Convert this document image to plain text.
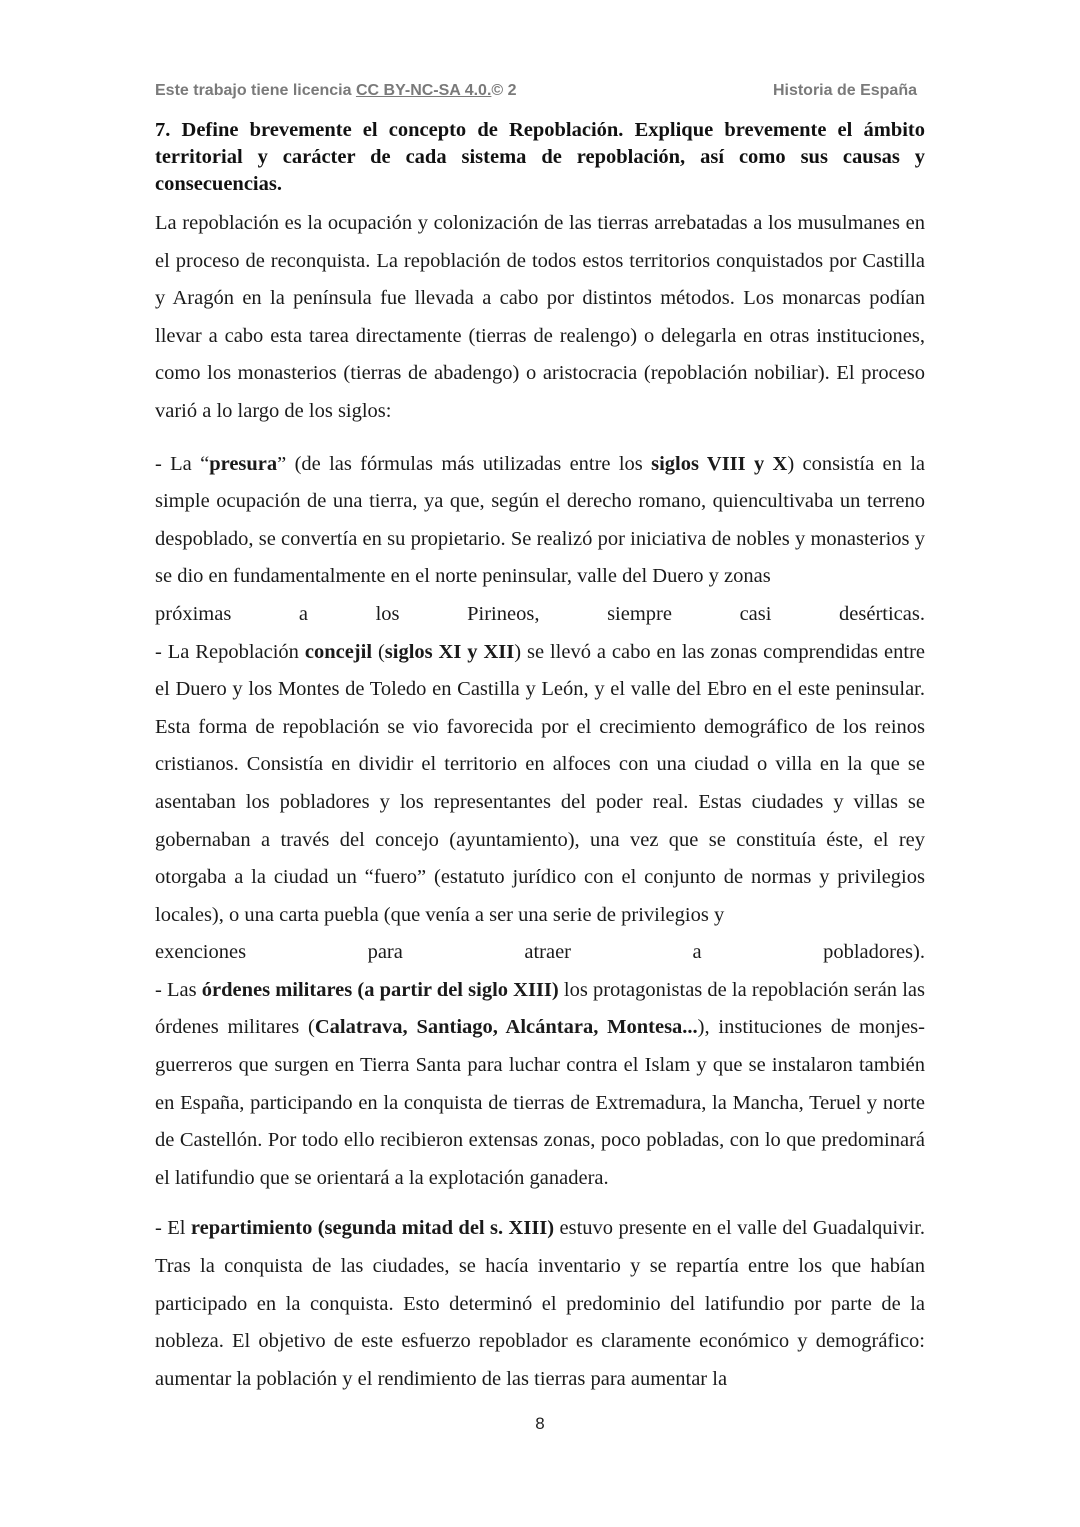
Este trabajo tiene licencia CC BY-NC-SA 4.0.© 2	Historia de España
7. Define brevemente el concepto de Repoblación. Explique brevemente el ámbito territorial y carácter de cada sistema de repoblación, así como sus causas y consecuencias.

La repoblación es la ocupación y colonización de las tierras arrebatadas a los musulmanes en el proceso de reconquista. La repoblación de todos estos territorios conquistados por Castilla y Aragón en la península fue llevada a cabo por distintos métodos. Los monarcas podían llevar a cabo esta tarea directamente (tierras de realengo) o delegarla en otras instituciones, como los monasterios (tierras de abadengo) o aristocracia (repoblación nobiliar). El proceso varió a lo largo de los siglos:

- La “presura” (de las fórmulas más utilizadas entre los siglos VIII y X) consistía en la simple ocupación de una tierra, ya que, según el derecho romano, quiencultivaba un terreno despoblado, se convertía en su propietario. Se realizó por iniciativa de nobles y monasterios y se dio en fundamentalmente en el norte peninsular, valle del Duero y zonas

próximas a los Pirineos, siempre casi desérticas.

- La Repoblación concejil (siglos XI y XII) se llevó a cabo en las zonas comprendidas entre el Duero y los Montes de Toledo en Castilla y León, y el valle del Ebro en el este peninsular. Esta forma de repoblación se vio favorecida por el crecimiento demográfico de los reinos cristianos. Consistía en dividir el territorio en alfoces con una ciudad o villa en la que se asentaban los pobladores y los representantes del poder real. Estas ciudades y villas se gobernaban a través del concejo (ayuntamiento), una vez que se constituía éste, el rey otorgaba a la ciudad un “fuero” (estatuto jurídico con el conjunto de normas y privilegios locales), o una carta puebla (que venía a ser una serie de privilegios y

exenciones para atraer a pobladores).

- Las órdenes militares (a partir del siglo XIII) los protagonistas de la repoblación serán las órdenes militares (Calatrava, Santiago, Alcántara, Montesa...), instituciones de monjes-guerreros que surgen en Tierra Santa para luchar contra el Islam y que se instalaron también en España, participando en la conquista de tierras de Extremadura, la Mancha, Teruel y norte de Castellón. Por todo ello recibieron extensas zonas, poco pobladas, con lo que predominará el latifundio que se orientará a la explotación ganadera.

- El repartimiento (segunda mitad del s. XIII) estuvo presente en el valle del Guadalquivir. Tras la conquista de las ciudades, se hacía inventario y se repartía entre los que habían participado en la conquista. Esto determinó el predominio del latifundio por parte de la nobleza. El objetivo de este esfuerzo repoblador es claramente económico y demográfico: aumentar la población y el rendimiento de las tierras para aumentar la

8
